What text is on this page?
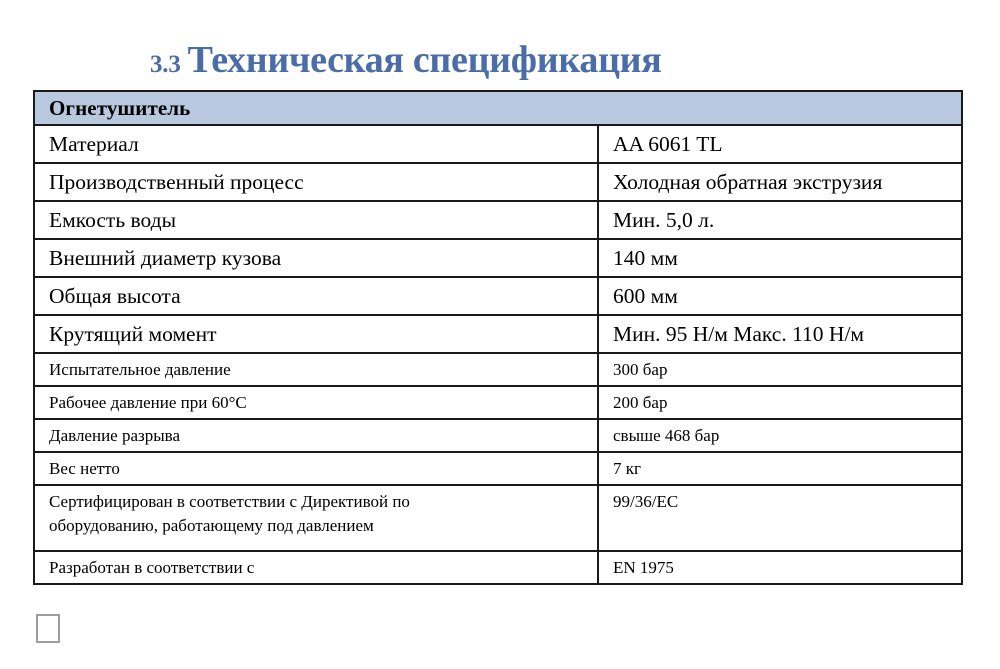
3.3 Техническая спецификация
Огнетушитель	
Материал	AA 6061 TL
Производственный процесс	Холодная обратная экструзия
Емкость воды	Мин. 5,0 л.
Внешний диаметр кузова	140 мм
Общая высота	600 мм
Крутящий момент	Мин. 95 Н/м Макс. 110 Н/м
Испытательное давление	300 бар
Рабочее давление при 60°C	200 бар
Давление разрыва	свыше 468 бар
Вес нетто	7 кг
Сертифицирован в соответствии с Директивой по
оборудованию, работающему под давлением	99/36/EC
Разработан в соответствии с	EN 1975
